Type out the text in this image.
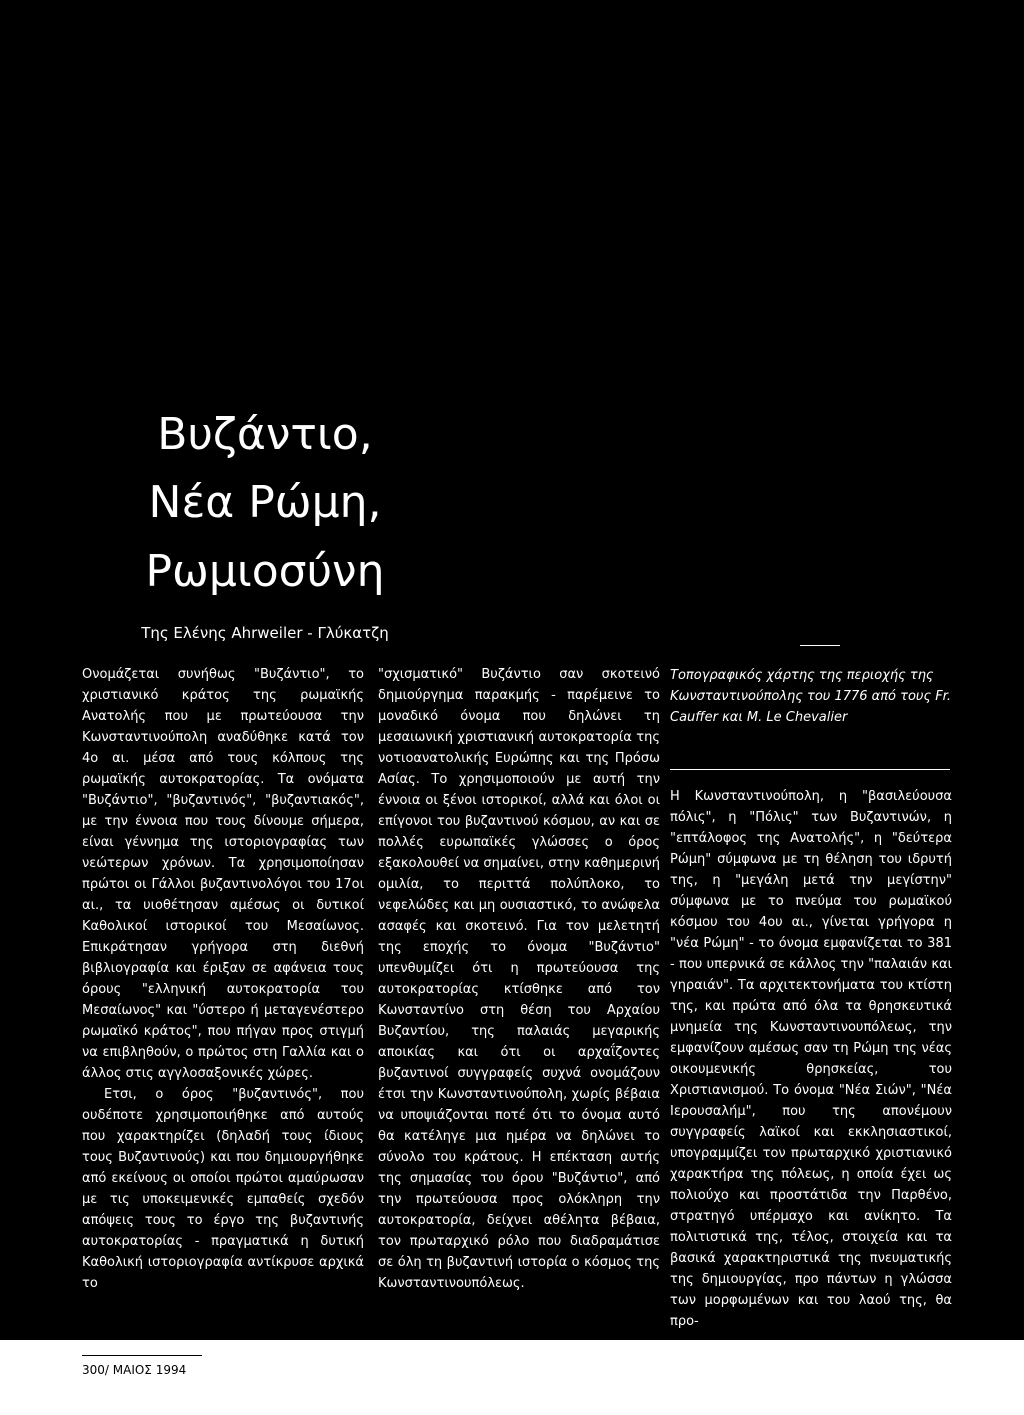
Βυζάντιο,
Νέα Ρώμη,
Ρωμιοσύνη
Της Ελένης Ahrweiler - Γλύκατζη

Ονομάζεται συνήθως "Βυζάντιο", το χριστιανικό κράτος της ρωμαϊκής Ανατολής που με πρωτεύουσα την Κωνσταντινούπολη αναδύθηκε κατά τον 4ο αι. μέσα από τους κόλπους της ρωμαϊκής αυτοκρατορίας. Τα ονόματα "Βυζάντιο", "βυζαντινός", "βυζαντιακός", με την έννοια που τους δίνουμε σήμερα, είναι γέννημα της ιστοριογραφίας των νεώτερων χρόνων. Τα χρησιμοποίησαν πρώτοι οι Γάλλοι βυζαντινολόγοι του 17οι αι., τα υιοθέτησαν αμέσως οι δυτικοί Καθολικοί ιστορικοί του Μεσαίωνος. Επικράτησαν γρήγορα στη διεθνή βιβλιογραφία και έριξαν σε αφάνεια τους όρους "ελληνική αυτοκρατορία του Μεσαίωνος" και "ύστερο ή μεταγενέστερο ρωμαϊκό κράτος", που πήγαν προς στιγμή να επιβληθούν, ο πρώτος στη Γαλλία και ο άλλος στις αγγλοσαξονικές χώρες.

Ετσι, ο όρος "βυζαντινός", που ουδέποτε χρησιμοποιήθηκε από αυτούς που χαρακτηρίζει (δηλαδή τους ίδιους τους Βυζαντινούς) και που δημιουργήθηκε από εκείνους οι οποίοι πρώτοι αμαύρωσαν με τις υποκειμενικές εμπαθείς σχεδόν απόψεις τους το έργο της βυζαντινής αυτοκρατορίας - πραγματικά η δυτική Καθολική ιστοριογραφία αντίκρυσε αρχικά το

"σχισματικό" Βυζάντιο σαν σκοτεινό δημιούργημα παρακμής - παρέμεινε το μοναδικό όνομα που δηλώνει τη μεσαιωνική χριστιανική αυτοκρατορία της νοτιοανατολικής Ευρώπης και της Πρόσω Ασίας. Το χρησιμοποιούν με αυτή την έννοια οι ξένοι ιστορικοί, αλλά και όλοι οι επίγονοι του βυζαντινού κόσμου, αν και σε πολλές ευρωπαϊκές γλώσσες ο όρος εξακολουθεί να σημαίνει, στην καθημερινή ομιλία, το περιττά πολύπλοκο, το νεφελώδες και μη ουσιαστικό, το ανώφελα ασαφές και σκοτεινό. Για τον μελετητή της εποχής το όνομα "Βυζάντιο" υπενθυμίζει ότι η πρωτεύουσα της αυτοκρατορίας κτίσθηκε από τον Κωνσταντίνο στη θέση του Αρχαίου Βυζαντίου, της παλαιάς μεγαρικής αποικίας και ότι οι αρχαΐζοντες βυζαντινοί συγγραφείς συχνά ονομάζουν έτσι την Κωνσταντινούπολη, χωρίς βέβαια να υποψιάζονται ποτέ ότι το όνομα αυτό θα κατέληγε μια ημέρα να δηλώνει το σύνολο του κράτους. Η επέκταση αυτής της σημασίας του όρου "Βυζάντιο", από την πρωτεύουσα προς ολόκληρη την αυτοκρατορία, δείχνει αθέλητα βέβαια, τον πρωταρχικό ρόλο που διαδραμάτισε σε όλη τη βυζαντινή ιστορία ο κόσμος της Κωνσταντινουπόλεως.

Τοπογραφικός χάρτης της περιοχής της Κωνσταντινούπολης του 1776 από τους Fr. Cauffer και Μ. Le Chevalier

Η Κωνσταντινούπολη, η "βασιλεύουσα πόλις", η "Πόλις" των Βυζαντινών, η "επτάλοφος της Ανατολής", η "δεύτερα Ρώμη" σύμφωνα με τη θέληση του ιδρυτή της, η "μεγάλη μετά την μεγίστην" σύμφωνα με το πνεύμα του ρωμαϊκού κόσμου του 4ου αι., γίνεται γρήγορα η "νέα Ρώμη" - το όνομα εμφανίζεται το 381 - που υπερνικά σε κάλλος την "παλαιάν και γηραιάν". Τα αρχιτεκτονήματα του κτίστη της, και πρώτα από όλα τα θρησκευτικά μνημεία της Κωνσταντινουπόλεως, την εμφανίζουν αμέσως σαν τη Ρώμη της νέας οικουμενικής θρησκείας, του Χριστιανισμού. Το όνομα "Νέα Σιών", "Νέα Ιερουσαλήμ", που της απονέμουν συγγραφείς λαϊκοί και εκκλησιαστικοί, υπογραμμίζει τον πρωταρχικό χριστιανικό χαρακτήρα της πόλεως, η οποία έχει ως πολιούχο και προστάτιδα την Παρθένο, στρατηγό υπέρμαχο και ανίκητο. Τα πολιτιστικά της, τέλος, στοιχεία και τα βασικά χαρακτηριστικά της πνευματικής της δημιουργίας, προ πάντων η γλώσσα των μορφωμένων και του λαού της, θα προ-

300/ ΜΑΙΟΣ 1994
